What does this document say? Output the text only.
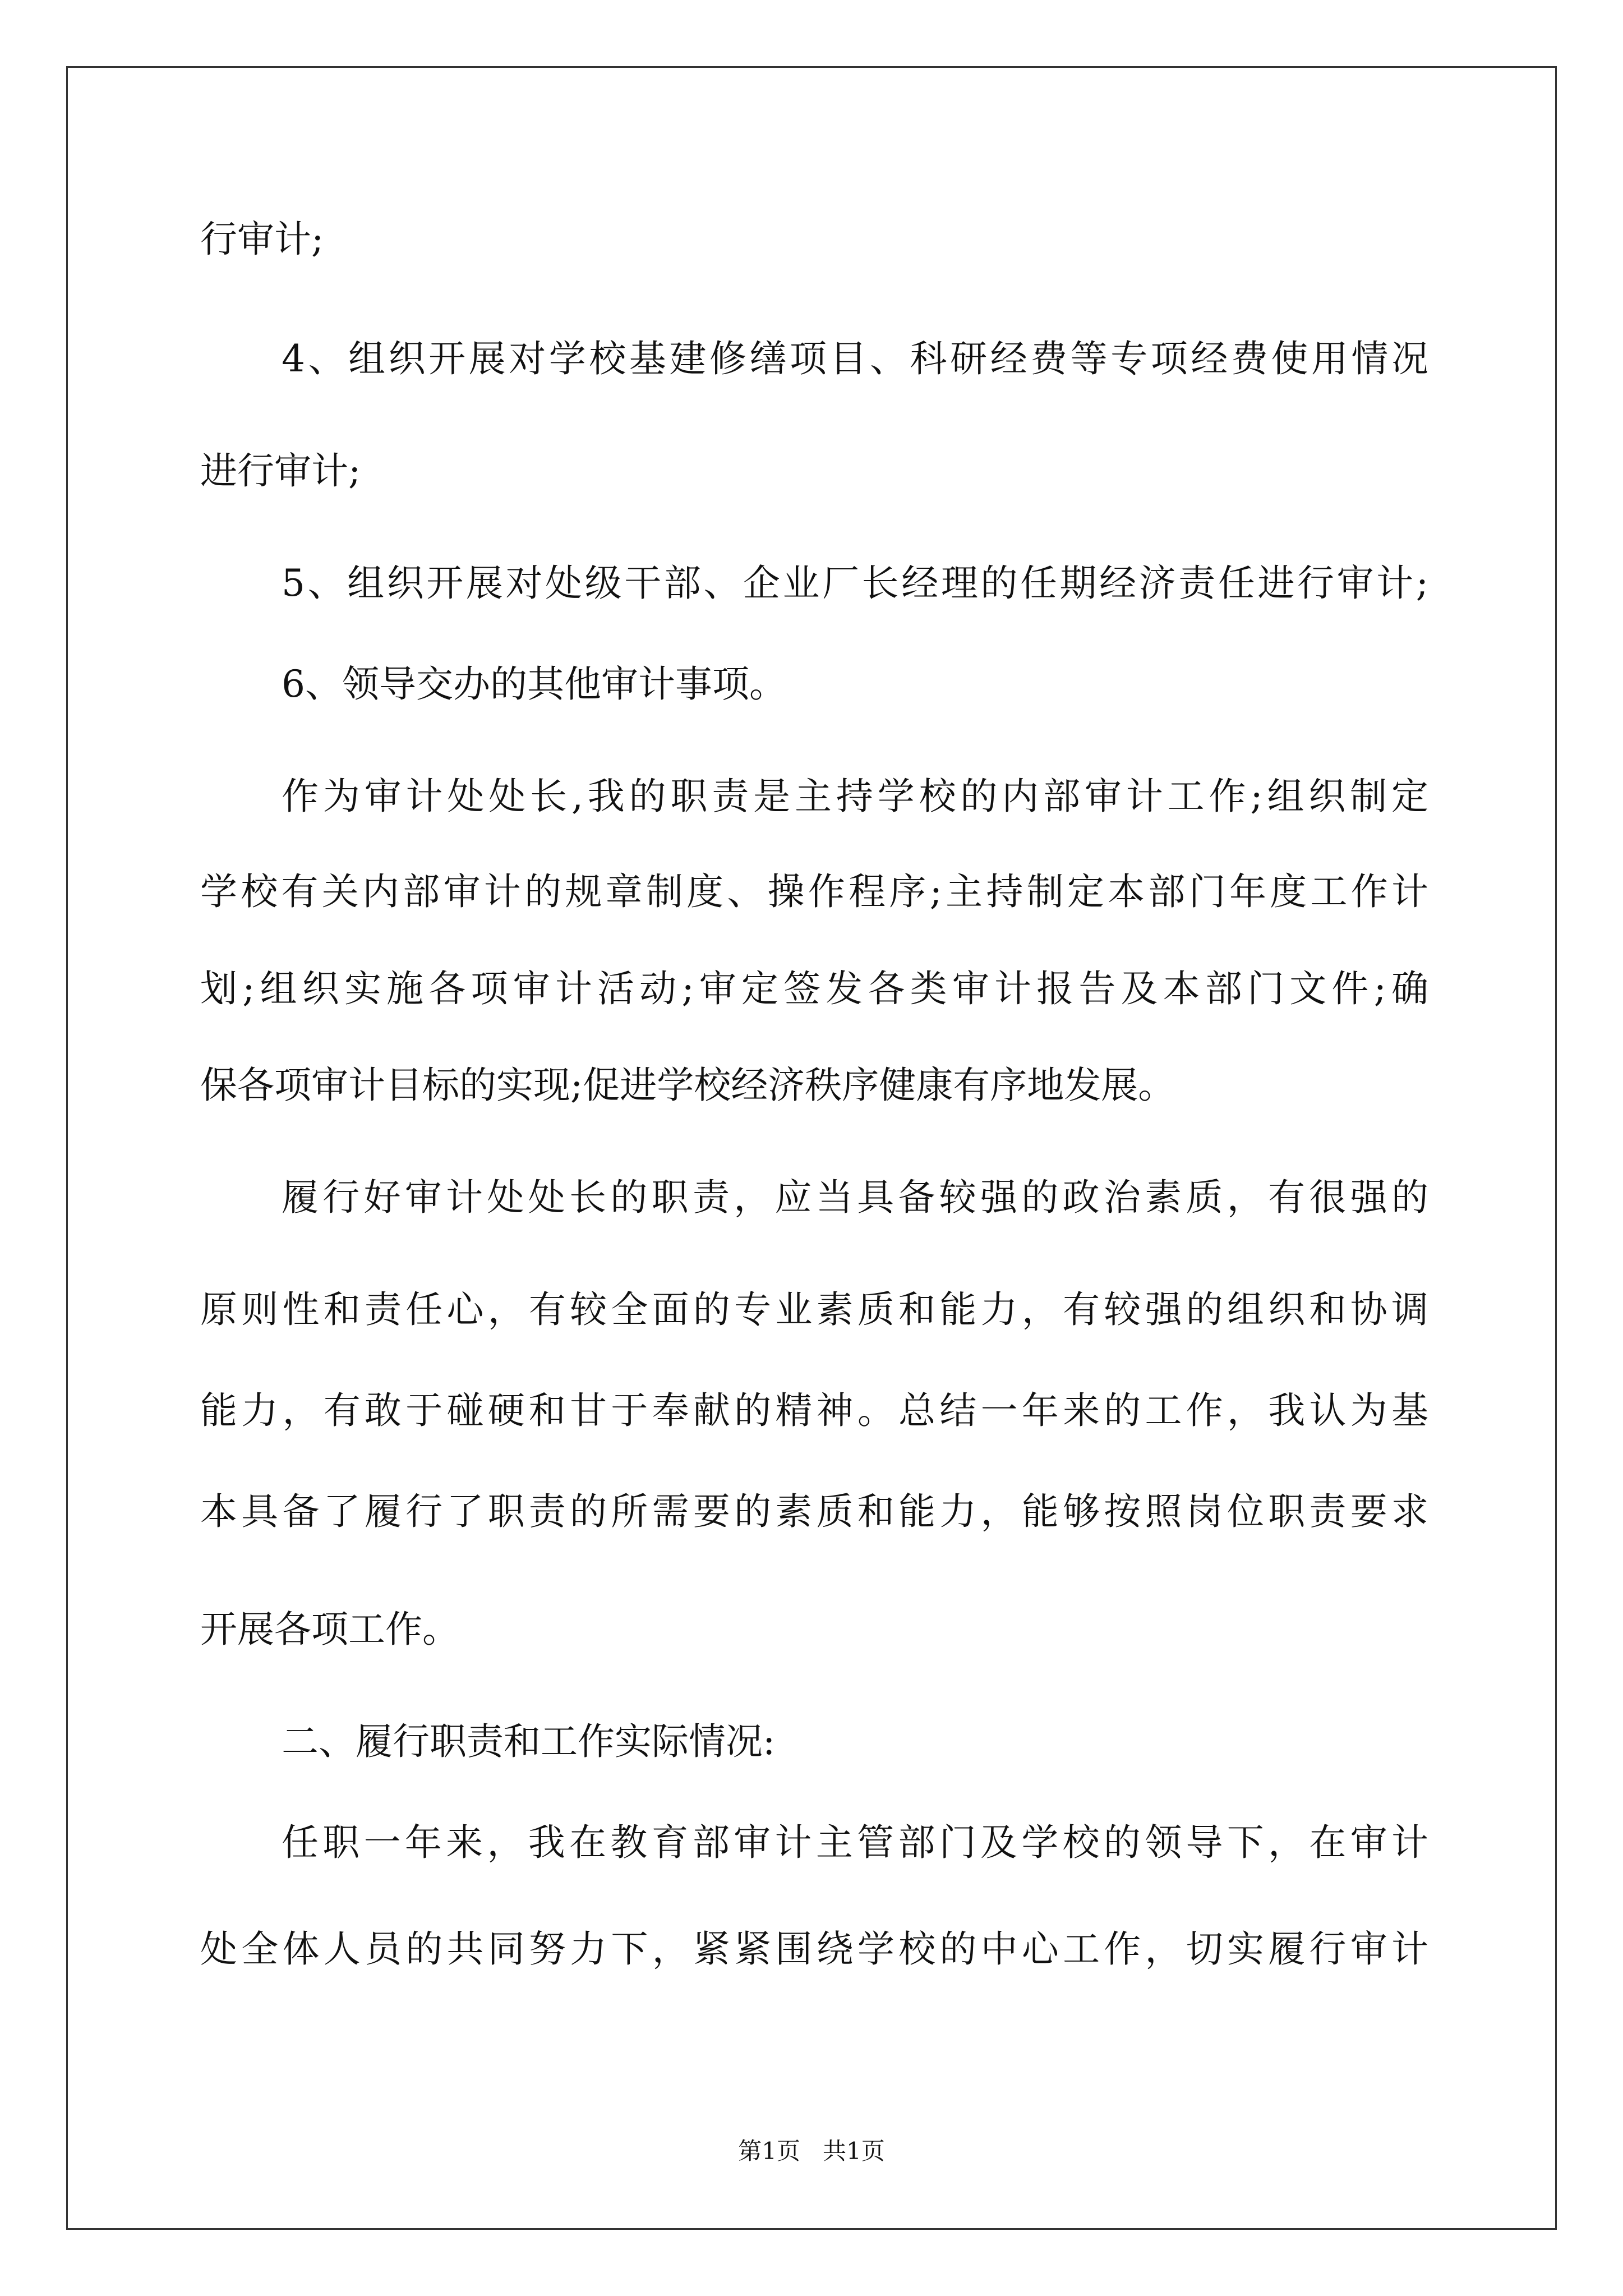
行审计;

4、组织开展对学校基建修缮项目、科研经费等专项经费使用情况

进行审计;

5、组织开展对处级干部、企业厂长经理的任期经济责任进行审计;

6、领导交办的其他审计事项。

作为审计处处长,我的职责是主持学校的内部审计工作;组织制定

学校有关内部审计的规章制度、操作程序;主持制定本部门年度工作计

划;组织实施各项审计活动;审定签发各类审计报告及本部门文件;确

保各项审计目标的实现;促进学校经济秩序健康有序地发展。

履行好审计处处长的职责，应当具备较强的政治素质，有很强的

原则性和责任心，有较全面的专业素质和能力，有较强的组织和协调

能力，有敢于碰硬和甘于奉献的精神。总结一年来的工作，我认为基

本具备了履行了职责的所需要的素质和能力，能够按照岗位职责要求

开展各项工作。

二、履行职责和工作实际情况:

任职一年来，我在教育部审计主管部门及学校的领导下，在审计

处全体人员的共同努力下，紧紧围绕学校的中心工作，切实履行审计

第1页   共1页
